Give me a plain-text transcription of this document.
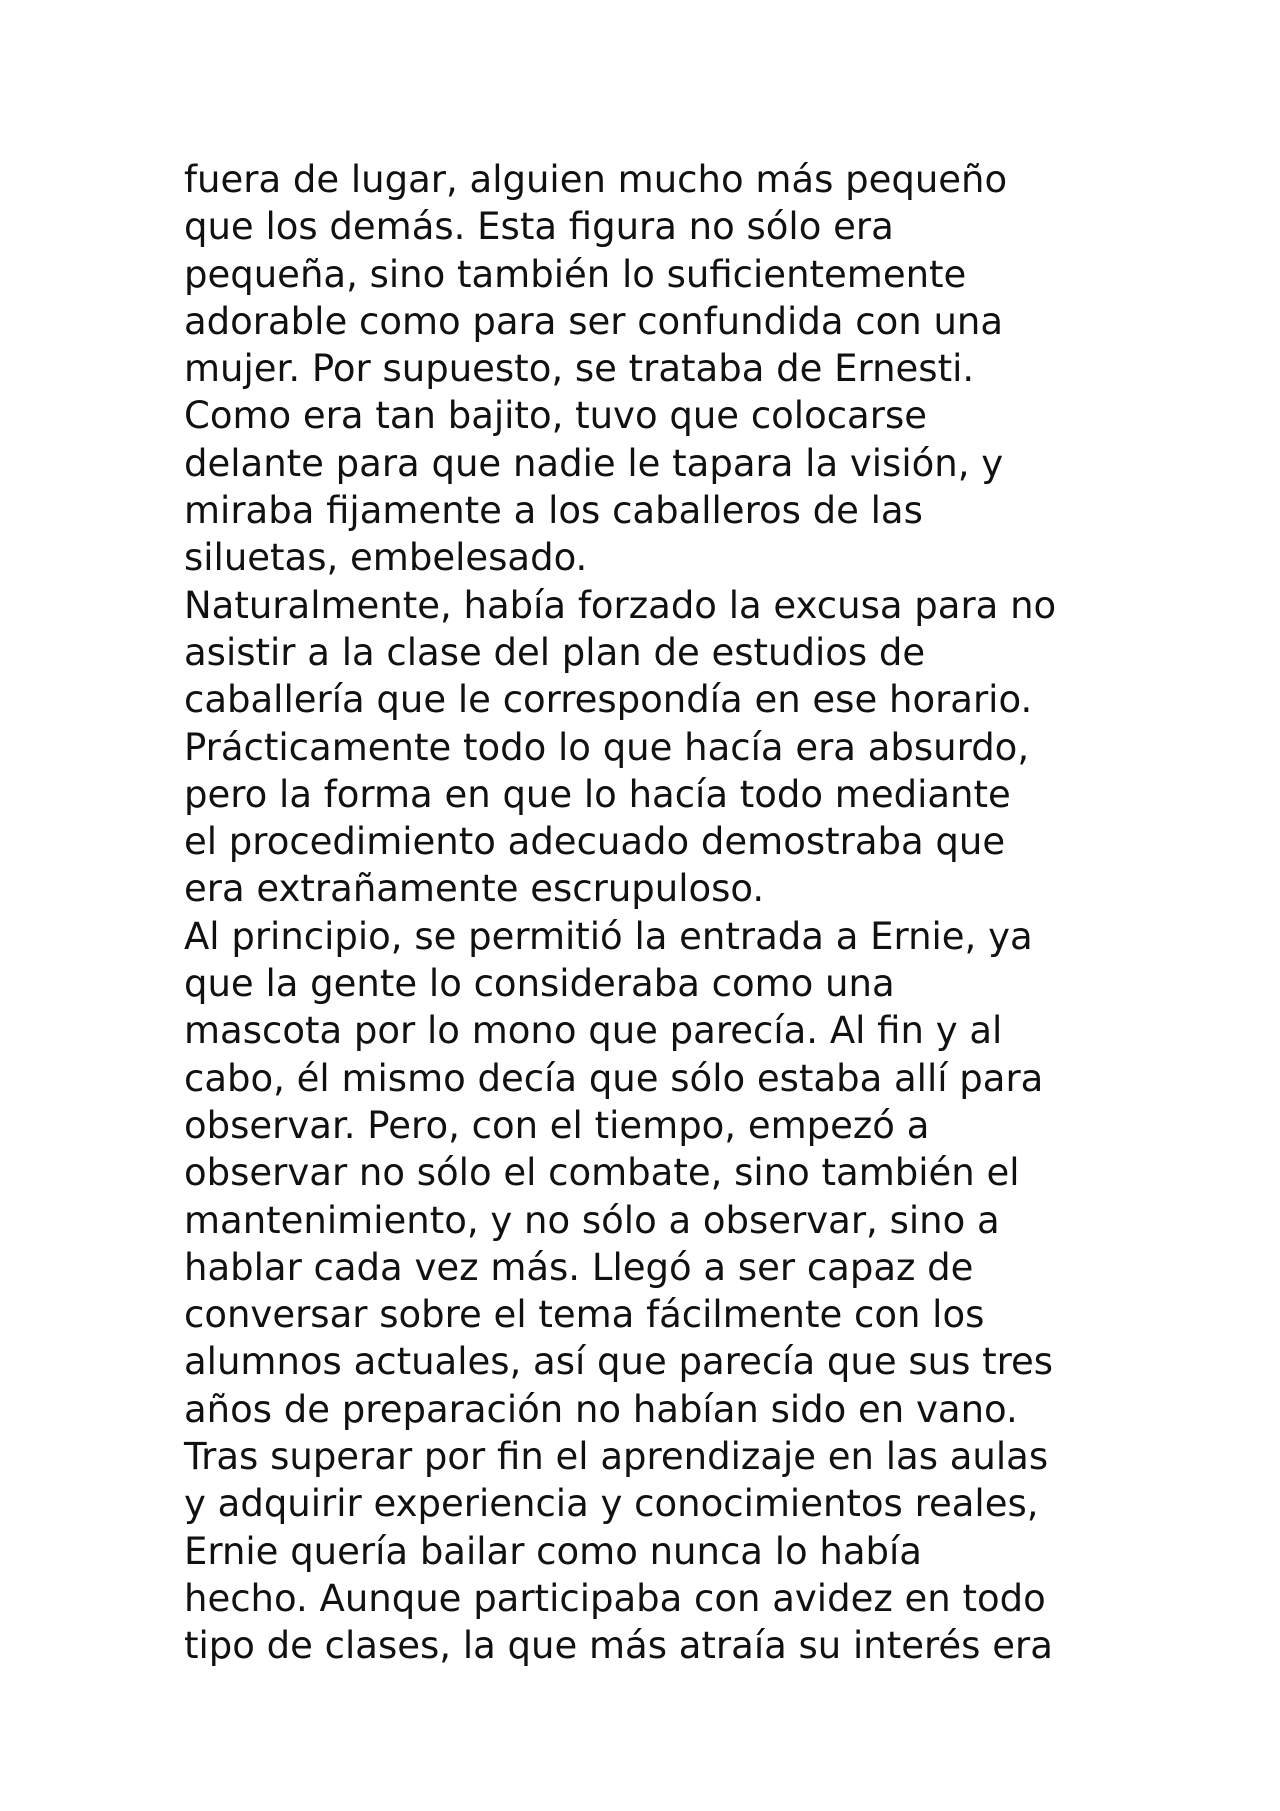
fuera de lugar, alguien mucho más pequeño
que los demás. Esta figura no sólo era
pequeña, sino también lo suficientemente
adorable como para ser confundida con una
mujer. Por supuesto, se trataba de Ernesti.
Como era tan bajito, tuvo que colocarse
delante para que nadie le tapara la visión, y
miraba fijamente a los caballeros de las
siluetas, embelesado.
Naturalmente, había forzado la excusa para no
asistir a la clase del plan de estudios de
caballería que le correspondía en ese horario.
Prácticamente todo lo que hacía era absurdo,
pero la forma en que lo hacía todo mediante
el procedimiento adecuado demostraba que
era extrañamente escrupuloso.
Al principio, se permitió la entrada a Ernie, ya
que la gente lo consideraba como una
mascota por lo mono que parecía. Al fin y al
cabo, él mismo decía que sólo estaba allí para
observar. Pero, con el tiempo, empezó a
observar no sólo el combate, sino también el
mantenimiento, y no sólo a observar, sino a
hablar cada vez más. Llegó a ser capaz de
conversar sobre el tema fácilmente con los
alumnos actuales, así que parecía que sus tres
años de preparación no habían sido en vano.
Tras superar por fin el aprendizaje en las aulas
y adquirir experiencia y conocimientos reales,
Ernie quería bailar como nunca lo había
hecho. Aunque participaba con avidez en todo
tipo de clases, la que más atraía su interés era
